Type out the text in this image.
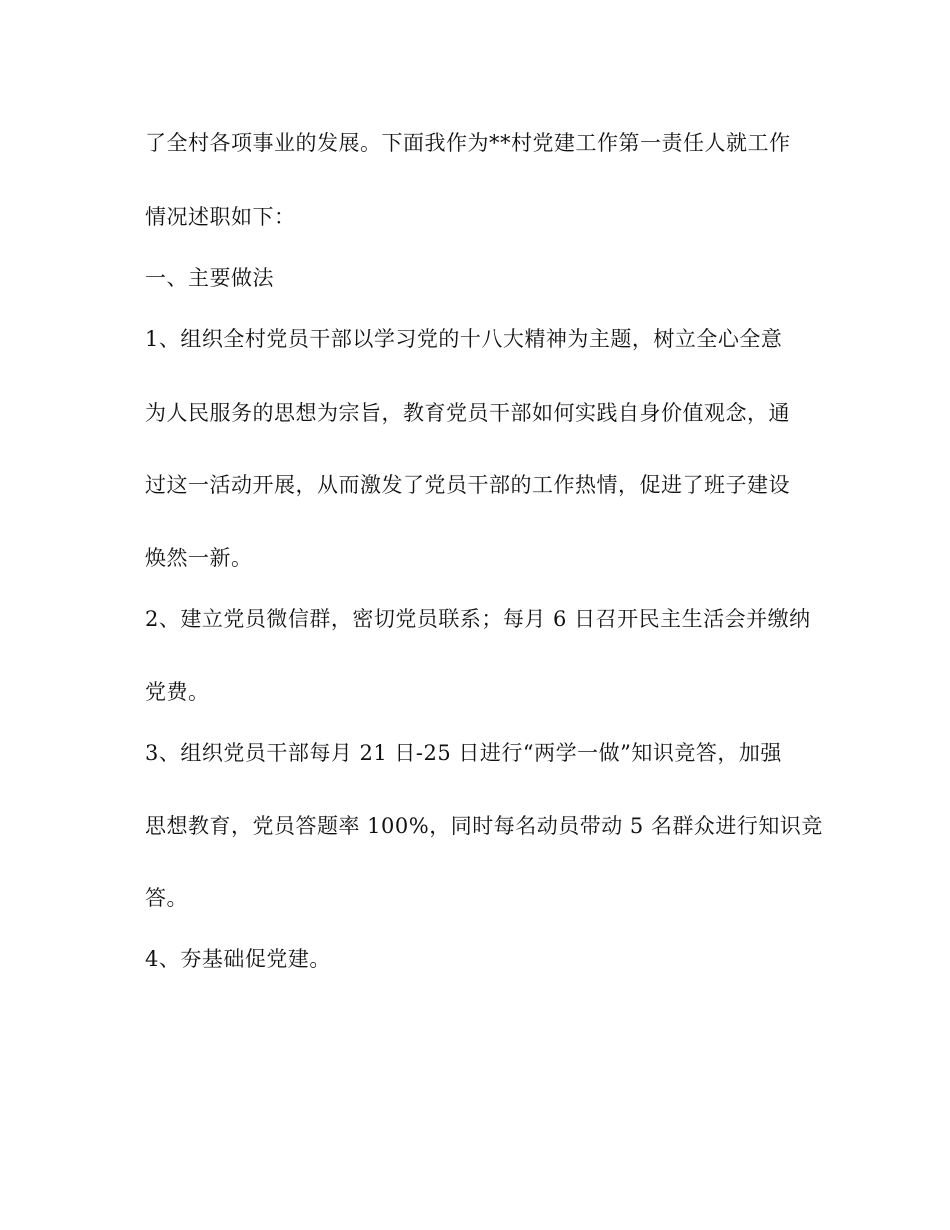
了全村各项事业的发展。下面我作为**村党建工作第一责任人就工作
情况述职如下：
一、主要做法
1、组织全村党员干部以学习党的十八大精神为主题，树立全心全意
为人民服务的思想为宗旨，教育党员干部如何实践自身价值观念，通
过这一活动开展，从而激发了党员干部的工作热情，促进了班子建设
焕然一新。
2、建立党员微信群，密切党员联系；每月 6 日召开民主生活会并缴纳
党费。
3、组织党员干部每月 21 日-25 日进行“两学一做”知识竞答，加强
思想教育，党员答题率 100%，同时每名动员带动 5 名群众进行知识竞
答。
4、夯基础促党建。
